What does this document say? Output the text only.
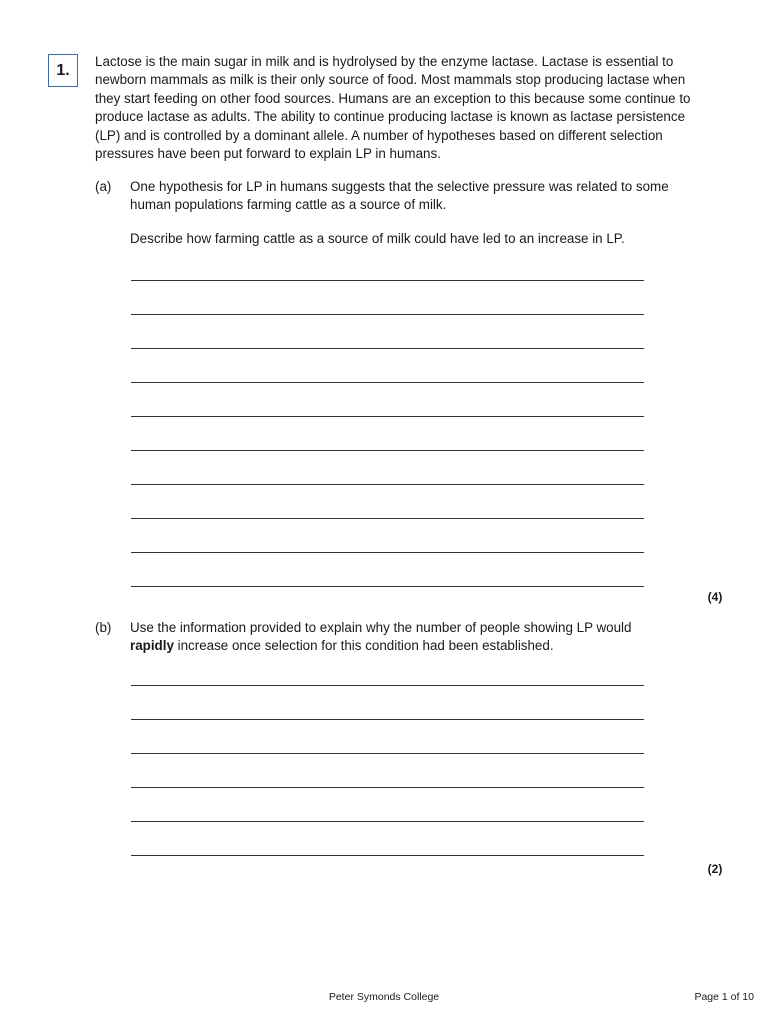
1.

Lactose is the main sugar in milk and is hydrolysed by the enzyme lactase. Lactase is essential to newborn mammals as milk is their only source of food. Most mammals stop producing lactase when they start feeding on other food sources. Humans are an exception to this because some continue to produce lactase as adults. The ability to continue producing lactase is known as lactase persistence (LP) and is controlled by a dominant allele. A number of hypotheses based on different selection pressures have been put forward to explain LP in humans.

(a) One hypothesis for LP in humans suggests that the selective pressure was related to some human populations farming cattle as a source of milk.

Describe how farming cattle as a source of milk could have led to an increase in LP.
(4)
(b) Use the information provided to explain why the number of people showing LP would rapidly increase once selection for this condition had been established.

(2)
Peter Symonds College	Page 1 of 10
